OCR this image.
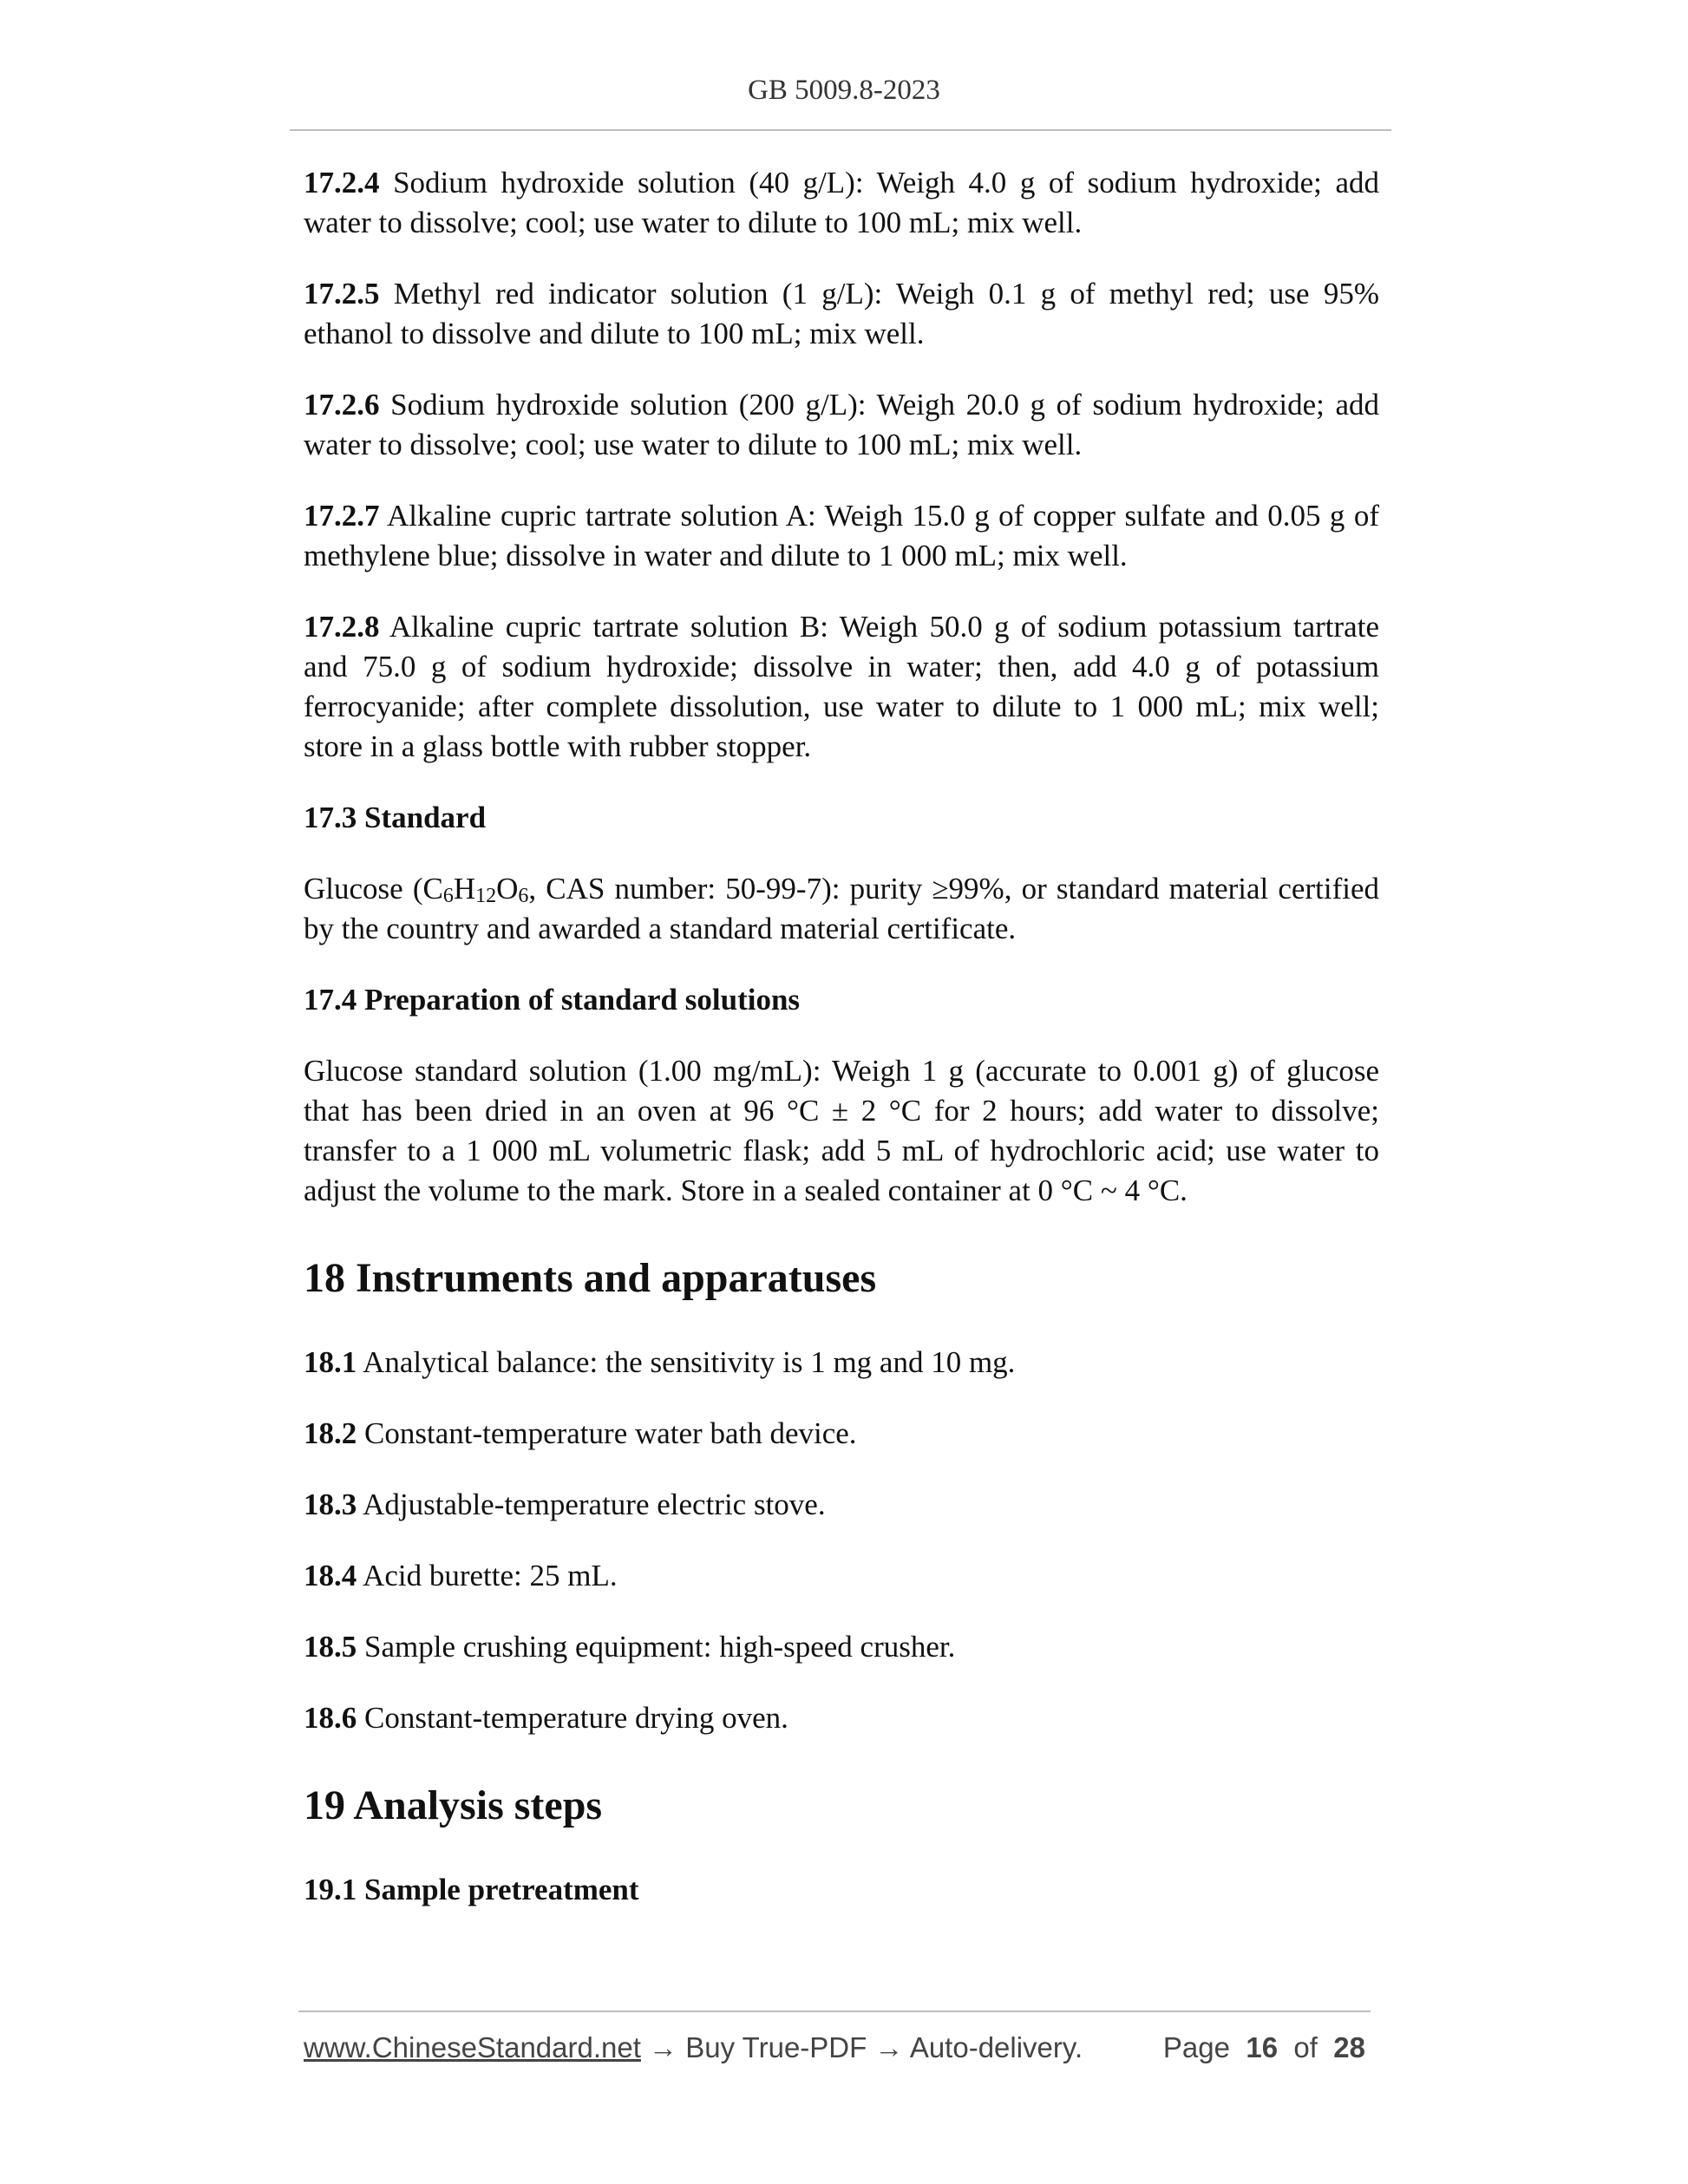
GB 5009.8-2023

17.2.4 Sodium hydroxide solution (40 g/L): Weigh 4.0 g of sodium hydroxide; add water to dissolve; cool; use water to dilute to 100 mL; mix well.

17.2.5 Methyl red indicator solution (1 g/L): Weigh 0.1 g of methyl red; use 95% ethanol to dissolve and dilute to 100 mL; mix well.

17.2.6 Sodium hydroxide solution (200 g/L): Weigh 20.0 g of sodium hydroxide; add water to dissolve; cool; use water to dilute to 100 mL; mix well.

17.2.7 Alkaline cupric tartrate solution A: Weigh 15.0 g of copper sulfate and 0.05 g of methylene blue; dissolve in water and dilute to 1 000 mL; mix well.

17.2.8 Alkaline cupric tartrate solution B: Weigh 50.0 g of sodium potassium tartrate and 75.0 g of sodium hydroxide; dissolve in water; then, add 4.0 g of potassium ferrocyanide; after complete dissolution, use water to dilute to 1 000 mL; mix well; store in a glass bottle with rubber stopper.

17.3 Standard

Glucose ($C_6H_{12}O_6$, CAS number: 50-99-7): purity ≥99%, or standard material certified by the country and awarded a standard material certificate.

17.4 Preparation of standard solutions

Glucose standard solution (1.00 mg/mL): Weigh 1 g (accurate to 0.001 g) of glucose that has been dried in an oven at 96 °C ± 2 °C for 2 hours; add water to dissolve; transfer to a 1 000 mL volumetric flask; add 5 mL of hydrochloric acid; use water to adjust the volume to the mark. Store in a sealed container at 0 °C ~ 4 °C.

18 Instruments and apparatuses

18.1 Analytical balance: the sensitivity is 1 mg and 10 mg.

18.2 Constant-temperature water bath device.

18.3 Adjustable-temperature electric stove.

18.4 Acid burette: 25 mL.

18.5 Sample crushing equipment: high-speed crusher.

18.6 Constant-temperature drying oven.

19 Analysis steps
19.1 Sample pretreatment
www.ChineseStandard.net → Buy True-PDF → Auto-delivery.	Page 16 of 28
